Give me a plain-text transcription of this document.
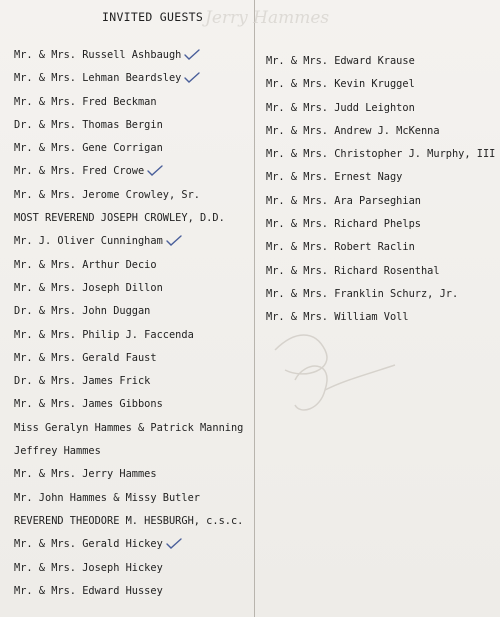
Jerry Hammes
INVITED GUESTS
Mr. & Mrs. Russell Ashbaugh
Mr. & Mrs. Lehman Beardsley
Mr. & Mrs. Fred Beckman
Dr. & Mrs. Thomas Bergin
Mr. & Mrs. Gene Corrigan
Mr. & Mrs. Fred Crowe
Mr. & Mrs. Jerome Crowley, Sr.
MOST REVEREND JOSEPH CROWLEY, D.D.
Mr. J. Oliver Cunningham
Mr. & Mrs. Arthur Decio
Mr. & Mrs. Joseph Dillon
Dr. & Mrs. John Duggan
Mr. & Mrs. Philip J. Faccenda
Mr. & Mrs. Gerald Faust
Dr. & Mrs. James Frick
Mr. & Mrs. James Gibbons
Miss Geralyn Hammes & Patrick Manning
Jeffrey Hammes
Mr. & Mrs. Jerry Hammes
Mr. John Hammes & Missy Butler
REVEREND THEODORE M. HESBURGH, c.s.c.
Mr. & Mrs. Gerald Hickey
Mr. & Mrs. Joseph Hickey
Mr. & Mrs. Edward Hussey
Mr. & Mrs. Edward Krause
Mr. & Mrs. Kevin Kruggel
Mr. & Mrs. Judd Leighton
Mr. & Mrs. Andrew J. McKenna
Mr. & Mrs. Christopher J. Murphy, III
Mr. & Mrs. Ernest Nagy
Mr. & Mrs. Ara Parseghian
Mr. & Mrs. Richard Phelps
Mr. & Mrs. Robert Raclin
Mr. & Mrs. Richard Rosenthal
Mr. & Mrs. Franklin Schurz, Jr.
Mr. & Mrs. William Voll
